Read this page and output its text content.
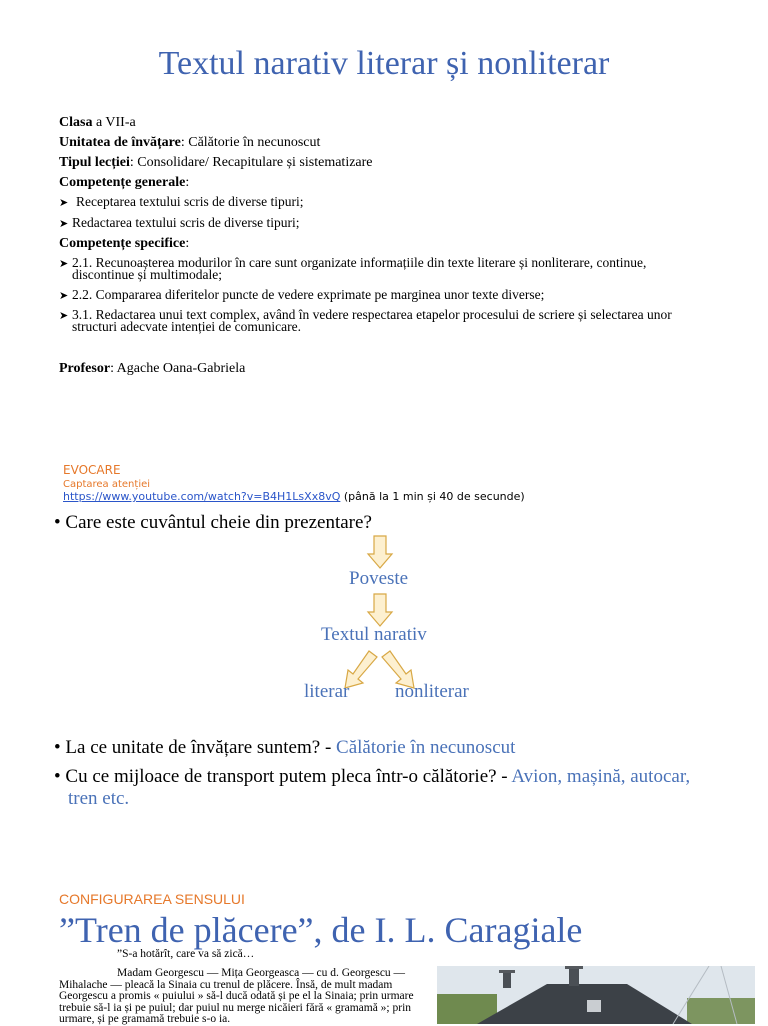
Textul narativ literar și nonliterar
Clasa a VII-a
Unitatea de învățare: Călătorie în necunoscut
Tipul lecției: Consolidare/ Recapitulare și sistematizare
Competențe generale:
➤ Receptarea textului scris de diverse tipuri;
➤ Redactarea textului scris de diverse tipuri;
Competențe specifice:
➤ 2.1. Recunoașterea modurilor în care sunt organizate informațiile din texte literare și nonliterare, continue, discontinue și multimodale;
➤ 2.2. Compararea diferitelor puncte de vedere exprimate pe marginea unor texte diverse;
➤ 3.1. Redactarea unui text complex, având în vedere respectarea etapelor procesului de scriere și selectarea unor structuri adecvate intenției de comunicare.
Profesor: Agache Oana-Gabriela
EVOCARE
Captarea atenției
https://www.youtube.com/watch?v=B4H1LsXx8vQ (până la 1 min și 40 de secunde)
• Care este cuvântul cheie din prezentare?
Poveste
Textul narativ
literar nonliterar
• La ce unitate de învățare suntem? - Călătorie în necunoscut
• Cu ce mijloace de transport putem pleca într-o călătorie? - Avion, mașină, autocar, tren etc.
CONFIGURAREA SENSULUI
”Tren de plăcere”, de I. L. Caragiale
”S-a hotărît, care va să zică…
Madam Georgescu — Mița Georgeasca — cu d. Georgescu —
Mihalache — pleacă la Sinaia cu trenul de plăcere. Însă, de mult madam
Georgescu a promis « puiului » să-l ducă odată și pe el la Sinaia; prin urmare
trebuie să-l ia și pe puiul; dar puiul nu merge nicăieri fără « gramamă »; prin
urmare, și pe gramamă trebuie s-o ia.
